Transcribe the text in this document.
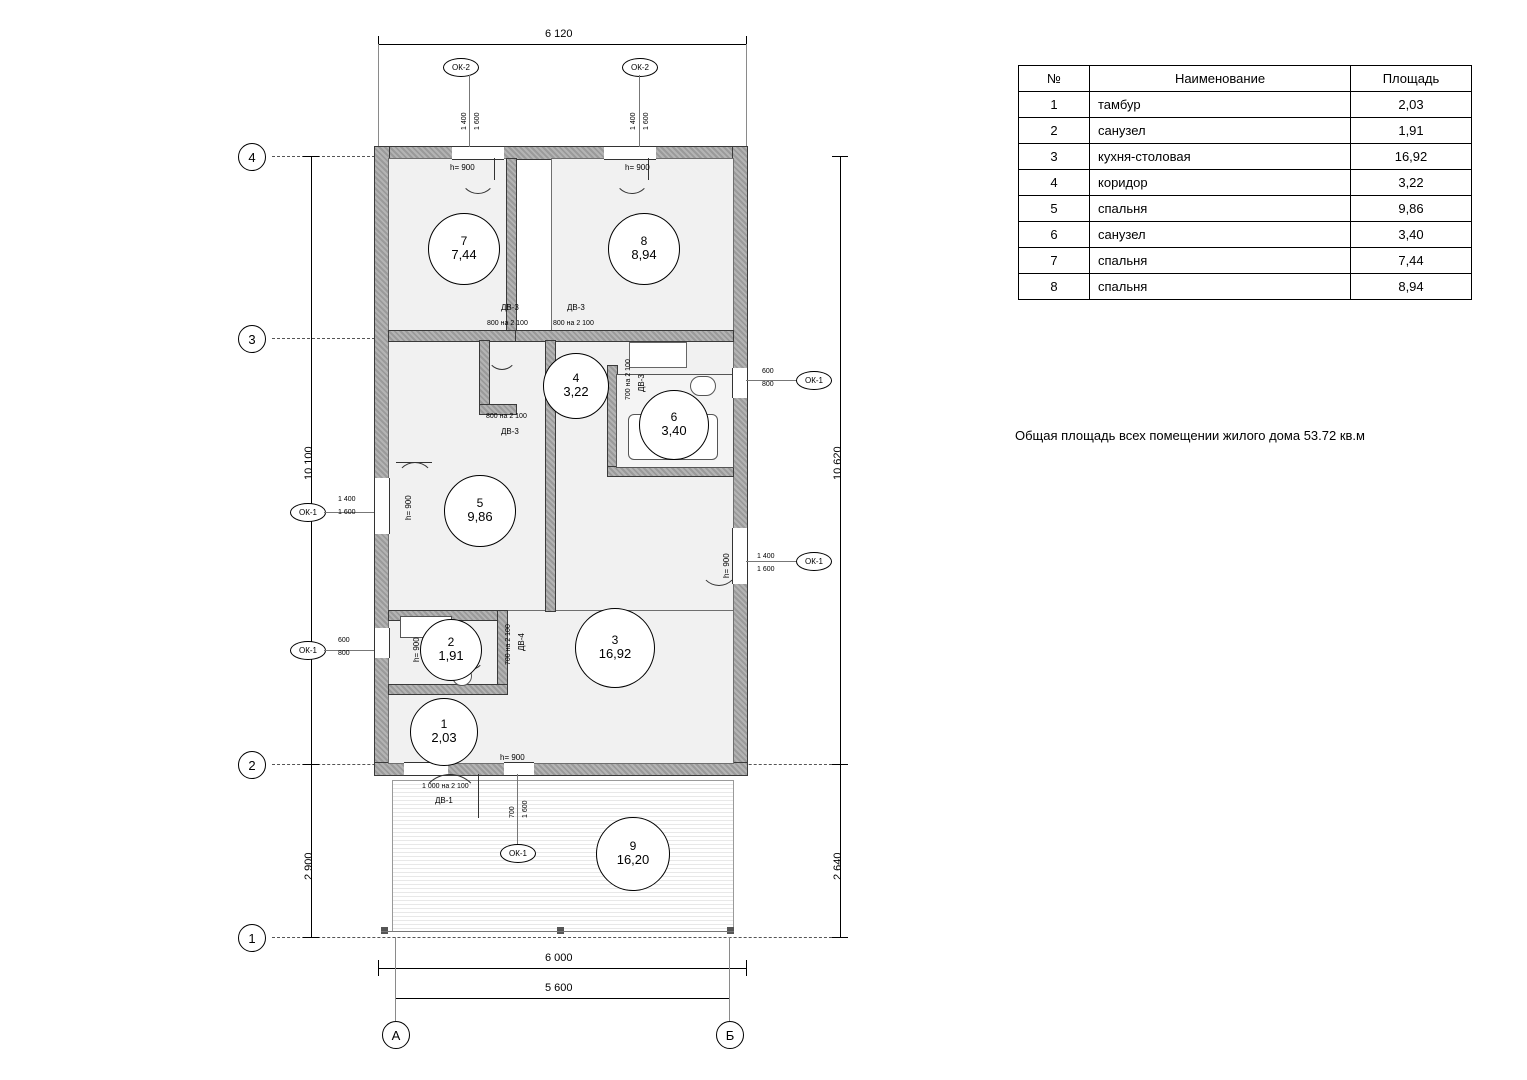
6 120
4
3
2
1
10 100
2 900
10 620
2 640
6 000
5 600
А	Б
7
7,44
8
8,94
4
3,22
6
3,40
5
9,86
3
16,92
2
1,91
1
2,03
9
16,20
ОК-2	ОК-2
ОК-1
ОК-1
ОК-1
ОК-1
ОК-1
1 400 1 600	1 400 1 600
600
800
1 400
1 600
1 400
1 600
600
800
700 1 600
h= 900	h= 900
h= 900
h= 900
h= 900
h= 900
ДВ-3
800 на 2 100
ДВ-3
800 на 2 100
800 на 2 100
ДВ-3
700 на 2 100 ДВ-3
700 на 2 100 ДВ-4
1 000 на 2 100
ДВ-1
№	Наименование	Площадь
1	тамбур	2,03
2	санузел	1,91
3	кухня-столовая	16,92
4	коридор	3,22
5	спальня	9,86
6	санузел	3,40
7	спальня	7,44
8	спальня	8,94
Общая площадь всех помещении жилого дома 53.72 кв.м
